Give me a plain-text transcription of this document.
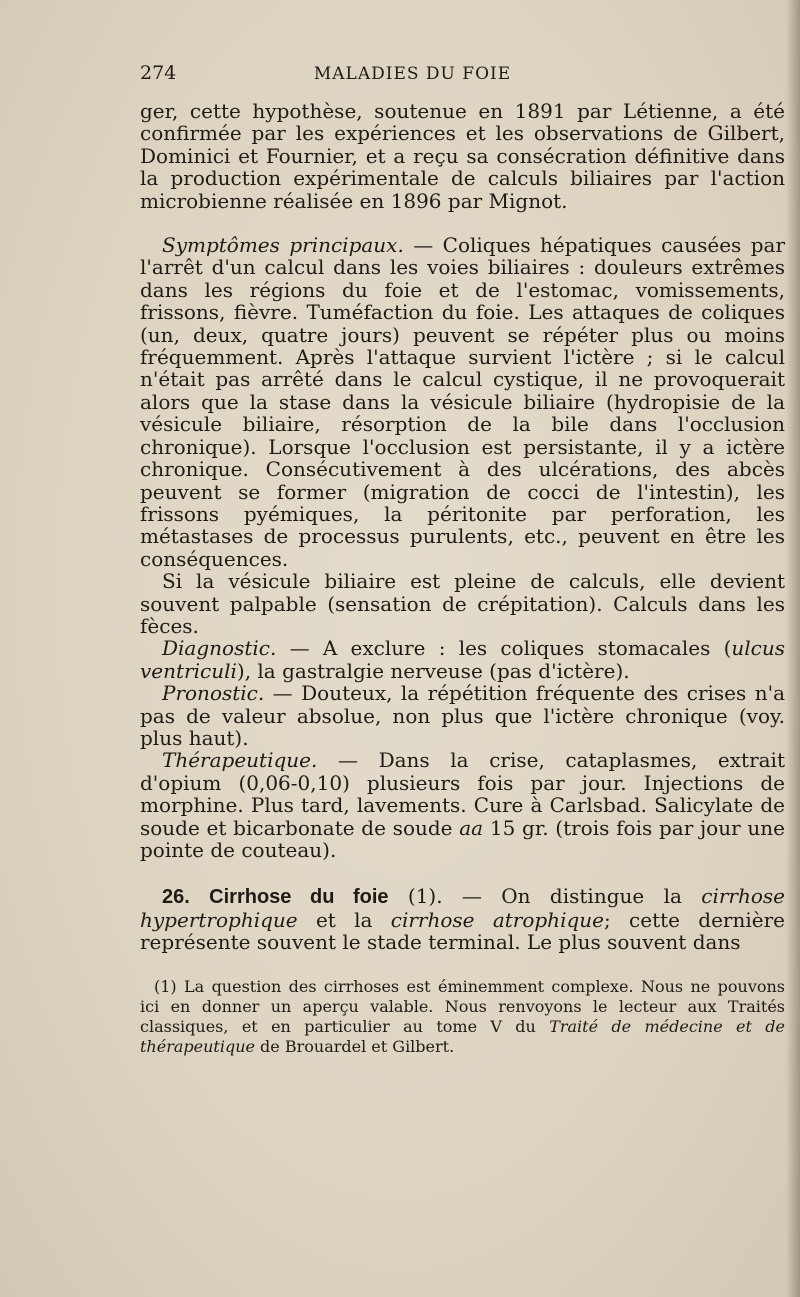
274	MALADIES DU FOIE

ger, cette hypothèse, soutenue en 1891 par Létienne, a été confirmée par les expériences et les observations de Gilbert, Dominici et Fournier, et a reçu sa consécration définitive dans la production expérimentale de calculs biliaires par l'action microbienne réalisée en 1896 par Mignot.

Symptômes principaux. — Coliques hépatiques causées par l'arrêt d'un calcul dans les voies biliaires : douleurs extrêmes dans les régions du foie et de l'estomac, vomissements, frissons, fièvre. Tuméfaction du foie. Les attaques de coliques (un, deux, quatre jours) peuvent se répéter plus ou moins fréquemment. Après l'attaque survient l'ictère ; si le calcul n'était pas arrêté dans le calcul cystique, il ne provoquerait alors que la stase dans la vésicule biliaire (hydropisie de la vésicule biliaire, résorption de la bile dans l'occlusion chronique). Lorsque l'occlusion est persistante, il y a ictère chronique. Consécutivement à des ulcérations, des abcès peuvent se former (migration de cocci de l'intestin), les frissons pyémiques, la péritonite par perforation, les métastases de processus purulents, etc., peuvent en être les conséquences.

Si la vésicule biliaire est pleine de calculs, elle devient souvent palpable (sensation de crépitation). Calculs dans les fèces.

Diagnostic. — A exclure : les coliques stomacales (ulcus ventriculi), la gastralgie nerveuse (pas d'ictère).

Pronostic. — Douteux, la répétition fréquente des crises n'a pas de valeur absolue, non plus que l'ictère chronique (voy. plus haut).

Thérapeutique. — Dans la crise, cataplasmes, extrait d'opium (0,06-0,10) plusieurs fois par jour. Injections de morphine. Plus tard, lavements. Cure à Carlsbad. Salicylate de soude et bicarbonate de soude aa 15 gr. (trois fois par jour une pointe de couteau).

26. Cirrhose du foie (1). — On distingue la cirrhose hypertrophique et la cirrhose atrophique; cette dernière représente souvent le stade terminal. Le plus souvent dans

(1) La question des cirrhoses est éminemment complexe. Nous ne pouvons ici en donner un aperçu valable. Nous renvoyons le lecteur aux Traités classiques, et en particulier au tome V du Traité de médecine et de thérapeutique de Brouardel et Gilbert.
